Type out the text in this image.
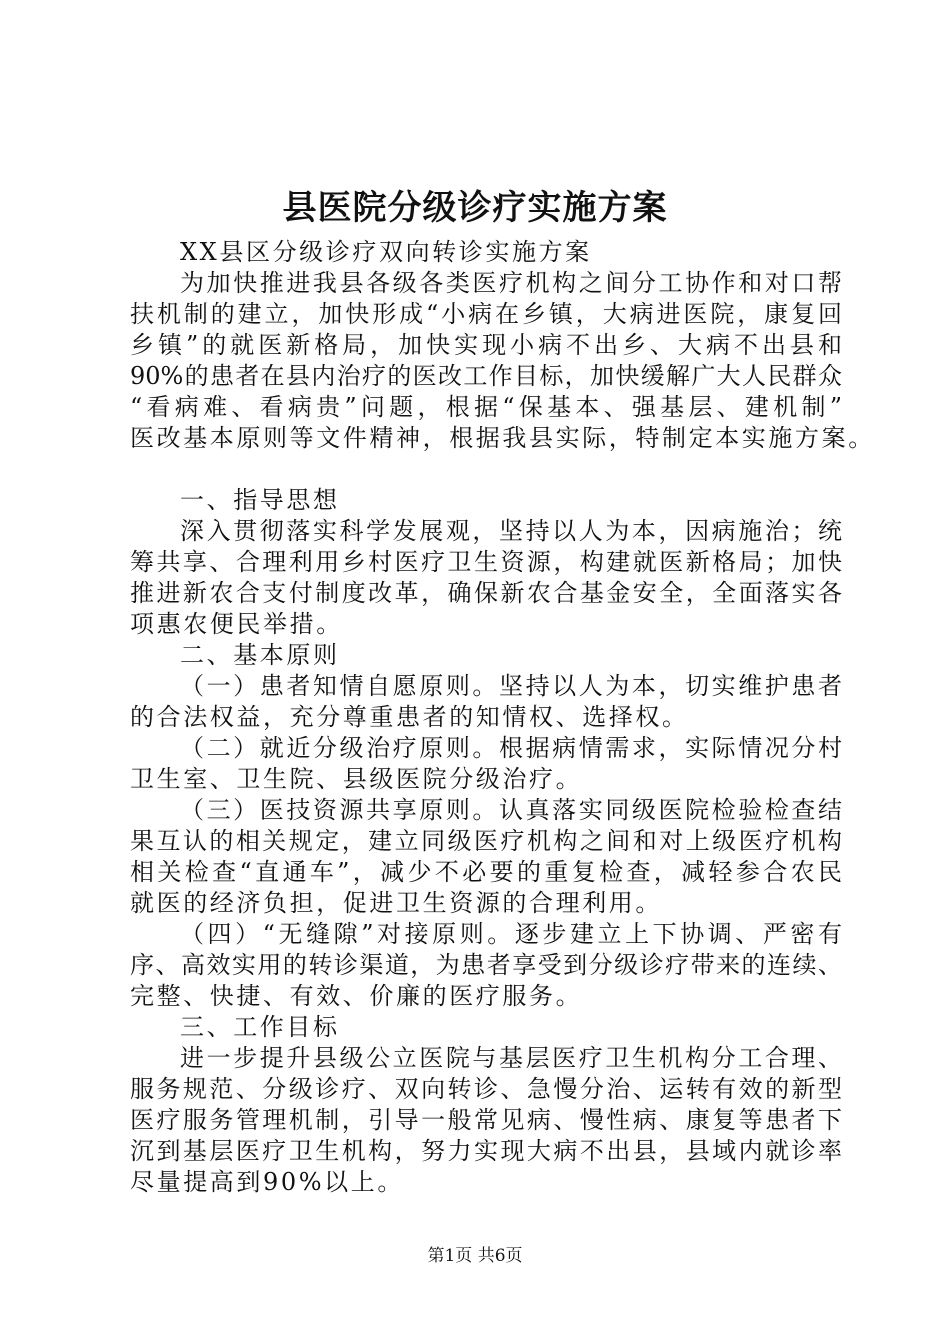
县医院分级诊疗实施方案
XX县区分级诊疗双向转诊实施方案
为加快推进我县各级各类医疗机构之间分工协作和对口帮
扶机制的建立，加快形成“小病在乡镇，大病进医院，康复回
乡镇”的就医新格局，加快实现小病不出乡、大病不出县和
90%的患者在县内治疗的医改工作目标，加快缓解广大人民群众
“看病难、看病贵”问题，根据“保基本、强基层、建机制”
医改基本原则等文件精神，根据我县实际，特制定本实施方案。
一、指导思想
深入贯彻落实科学发展观，坚持以人为本，因病施治；统
筹共享、合理利用乡村医疗卫生资源，构建就医新格局；加快
推进新农合支付制度改革，确保新农合基金安全，全面落实各
项惠农便民举措。
二、基本原则
（一）患者知情自愿原则。坚持以人为本，切实维护患者
的合法权益，充分尊重患者的知情权、选择权。
（二）就近分级治疗原则。根据病情需求，实际情况分村
卫生室、卫生院、县级医院分级治疗。
（三）医技资源共享原则。认真落实同级医院检验检查结
果互认的相关规定，建立同级医疗机构之间和对上级医疗机构
相关检查“直通车”，减少不必要的重复检查，减轻参合农民
就医的经济负担，促进卫生资源的合理利用。
（四）“无缝隙”对接原则。逐步建立上下协调、严密有
序、高效实用的转诊渠道，为患者享受到分级诊疗带来的连续、
完整、快捷、有效、价廉的医疗服务。
三、工作目标
进一步提升县级公立医院与基层医疗卫生机构分工合理、
服务规范、分级诊疗、双向转诊、急慢分治、运转有效的新型
医疗服务管理机制，引导一般常见病、慢性病、康复等患者下
沉到基层医疗卫生机构，努力实现大病不出县，县域内就诊率
尽量提高到90%以上。
第1页 共6页
